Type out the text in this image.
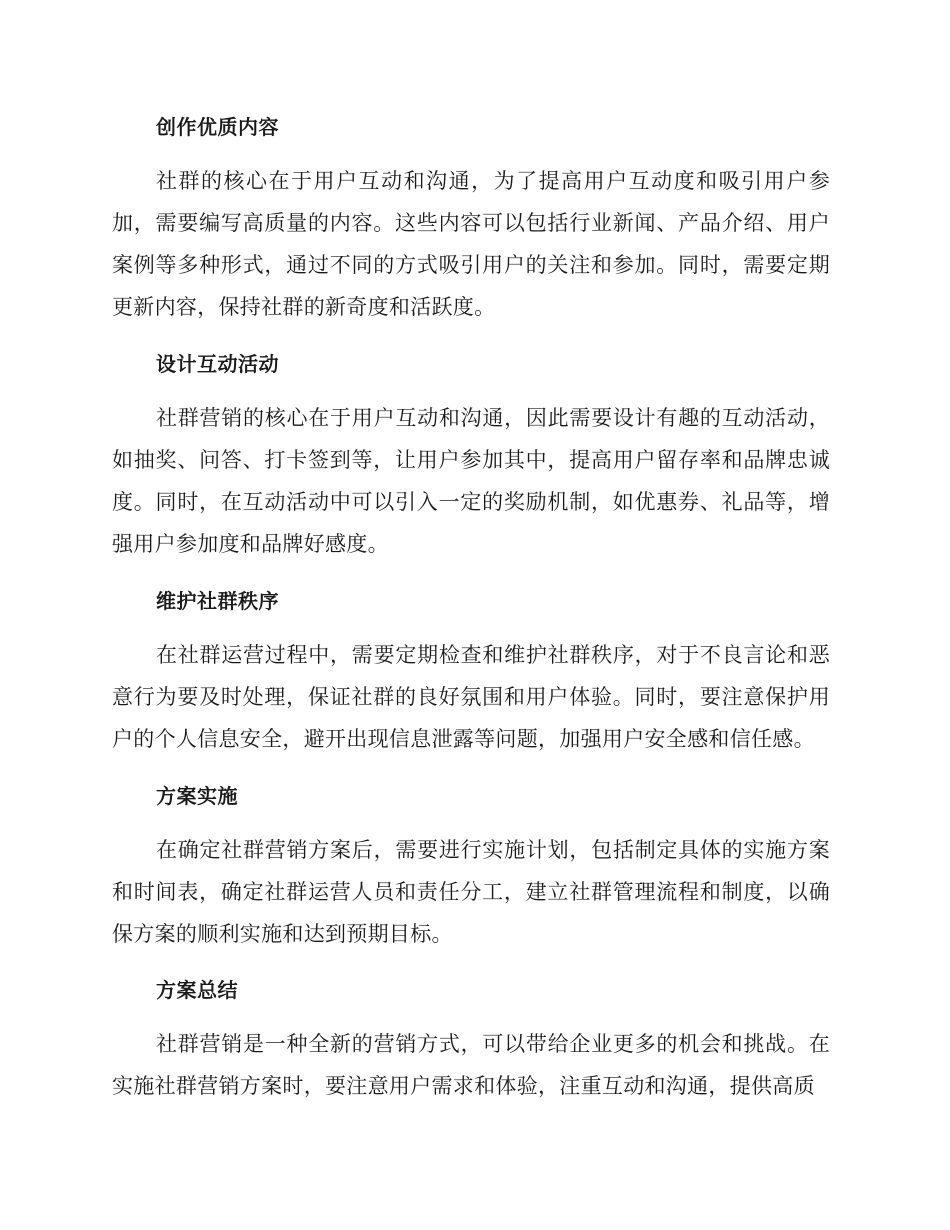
创作优质内容
社群的核心在于用户互动和沟通，为了提高用户互动度和吸引用户参加，需要编写高质量的内容。这些内容可以包括行业新闻、产品介绍、用户案例等多种形式，通过不同的方式吸引用户的关注和参加。同时，需要定期更新内容，保持社群的新奇度和活跃度。
设计互动活动
社群营销的核心在于用户互动和沟通，因此需要设计有趣的互动活动，如抽奖、问答、打卡签到等，让用户参加其中，提高用户留存率和品牌忠诚度。同时，在互动活动中可以引入一定的奖励机制，如优惠券、礼品等，增强用户参加度和品牌好感度。
维护社群秩序
在社群运营过程中，需要定期检查和维护社群秩序，对于不良言论和恶意行为要及时处理，保证社群的良好氛围和用户体验。同时，要注意保护用户的个人信息安全，避开出现信息泄露等问题，加强用户安全感和信任感。
方案实施
在确定社群营销方案后，需要进行实施计划，包括制定具体的实施方案和时间表，确定社群运营人员和责任分工，建立社群管理流程和制度，以确保方案的顺利实施和达到预期目标。
方案总结
社群营销是一种全新的营销方式，可以带给企业更多的机会和挑战。在实施社群营销方案时，要注意用户需求和体验，注重互动和沟通，提供高质
